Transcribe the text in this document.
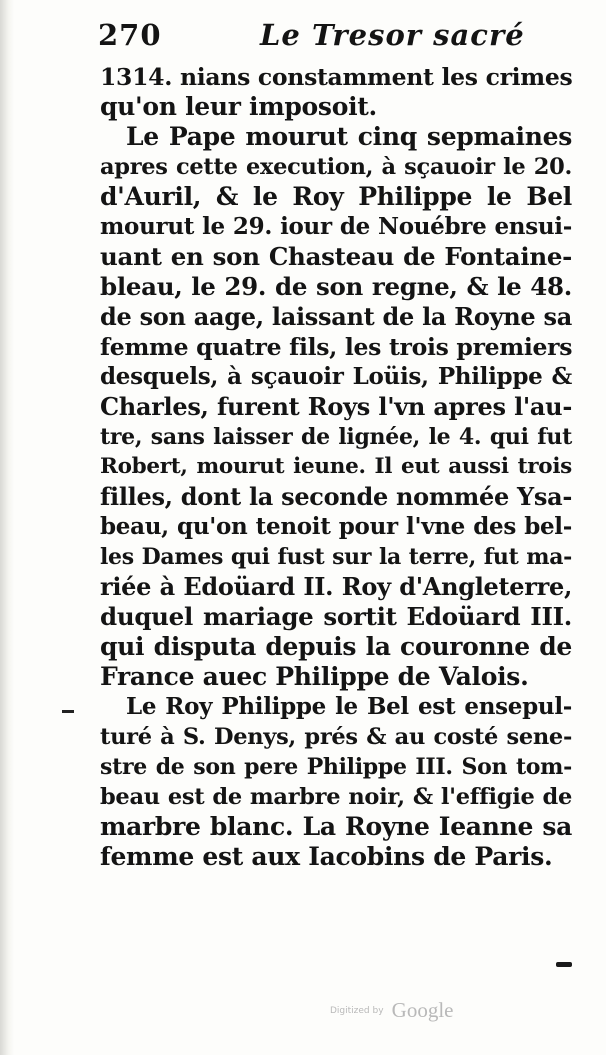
270	Le Tresor sacré
1314. nians constamment les crimes
qu'on leur imposoit.
Le Pape mourut cinq sepmaines
apres cette execution, à sçauoir le 20.
d'Auril, & le Roy Philippe le Bel
mourut le 29. iour de Nouébre ensui-
uant en son Chasteau de Fontaine-
bleau, le 29. de son regne, & le 48.
de son aage, laissant de la Royne sa
femme quatre fils, les trois premiers
desquels, à sçauoir Loüis, Philippe &
Charles, furent Roys l'vn apres l'au-
tre, sans laisser de lignée, le 4. qui fut
Robert, mourut ieune. Il eut aussi trois
filles, dont la seconde nommée Ysa-
beau, qu'on tenoit pour l'vne des bel-
les Dames qui fust sur la terre, fut ma-
riée à Edoüard II. Roy d'Angleterre,
duquel mariage sortit Edoüard III.
qui disputa depuis la couronne de
France auec Philippe de Valois.
Le Roy Philippe le Bel est ensepul-
turé à S. Denys, prés & au costé sene-
stre de son pere Philippe III. Son tom-
beau est de marbre noir, & l'effigie de
marbre blanc. La Royne Ieanne sa
femme est aux Iacobins de Paris.
Digitized by Google
